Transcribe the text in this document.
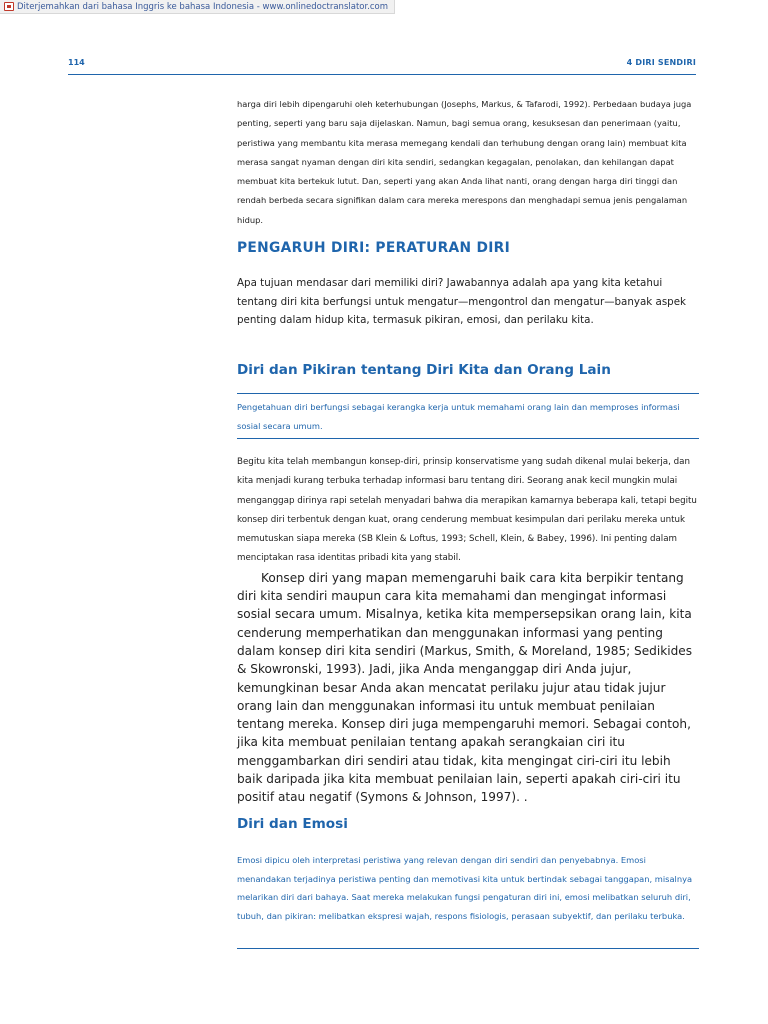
Diterjemahkan dari bahasa Inggris ke bahasa Indonesia - www.onlinedoctranslator.com
114	4 DIRI SENDIRI

harga diri lebih dipengaruhi oleh keterhubungan (Josephs, Markus, & Tafarodi, 1992). Perbedaan budaya juga penting, seperti yang baru saja dijelaskan. Namun, bagi semua orang, kesuksesan dan penerimaan (yaitu, peristiwa yang membantu kita merasa memegang kendali dan terhubung dengan orang lain) membuat kita merasa sangat nyaman dengan diri kita sendiri, sedangkan kegagalan, penolakan, dan kehilangan dapat membuat kita bertekuk lutut. Dan, seperti yang akan Anda lihat nanti, orang dengan harga diri tinggi dan rendah berbeda secara signifikan dalam cara mereka merespons dan menghadapi semua jenis pengalaman hidup.

PENGARUH DIRI: PERATURAN DIRI

Apa tujuan mendasar dari memiliki diri? Jawabannya adalah apa yang kita ketahui tentang diri kita berfungsi untuk mengatur—mengontrol dan mengatur—banyak aspek penting dalam hidup kita, termasuk pikiran, emosi, dan perilaku kita.

Diri dan Pikiran tentang Diri Kita dan Orang Lain

Pengetahuan diri berfungsi sebagai kerangka kerja untuk memahami orang lain dan memproses informasi sosial secara umum.

Begitu kita telah membangun konsep-diri, prinsip konservatisme yang sudah dikenal mulai bekerja, dan kita menjadi kurang terbuka terhadap informasi baru tentang diri. Seorang anak kecil mungkin mulai menganggap dirinya rapi setelah menyadari bahwa dia merapikan kamarnya beberapa kali, tetapi begitu konsep diri terbentuk dengan kuat, orang cenderung membuat kesimpulan dari perilaku mereka untuk memutuskan siapa mereka (SB Klein & Loftus, 1993; Schell, Klein, & Babey, 1996). Ini penting dalam menciptakan rasa identitas pribadi kita yang stabil.

Konsep diri yang mapan memengaruhi baik cara kita berpikir tentang diri kita sendiri maupun cara kita memahami dan mengingat informasi sosial secara umum. Misalnya, ketika kita mempersepsikan orang lain, kita cenderung memperhatikan dan menggunakan informasi yang penting dalam konsep diri kita sendiri (Markus, Smith, & Moreland, 1985; Sedikides & Skowronski, 1993). Jadi, jika Anda menganggap diri Anda jujur, kemungkinan besar Anda akan mencatat perilaku jujur atau tidak jujur orang lain dan menggunakan informasi itu untuk membuat penilaian tentang mereka. Konsep diri juga mempengaruhi memori. Sebagai contoh, jika kita membuat penilaian tentang apakah serangkaian ciri itu menggambarkan diri sendiri atau tidak, kita mengingat ciri-ciri itu lebih baik daripada jika kita membuat penilaian lain, seperti apakah ciri-ciri itu positif atau negatif (Symons & Johnson, 1997). .

Diri dan Emosi

Emosi dipicu oleh interpretasi peristiwa yang relevan dengan diri sendiri dan penyebabnya. Emosi menandakan terjadinya peristiwa penting dan memotivasi kita untuk bertindak sebagai tanggapan, misalnya melarikan diri dari bahaya. Saat mereka melakukan fungsi pengaturan diri ini, emosi melibatkan seluruh diri, tubuh, dan pikiran: melibatkan ekspresi wajah, respons fisiologis, perasaan subyektif, dan perilaku terbuka.
